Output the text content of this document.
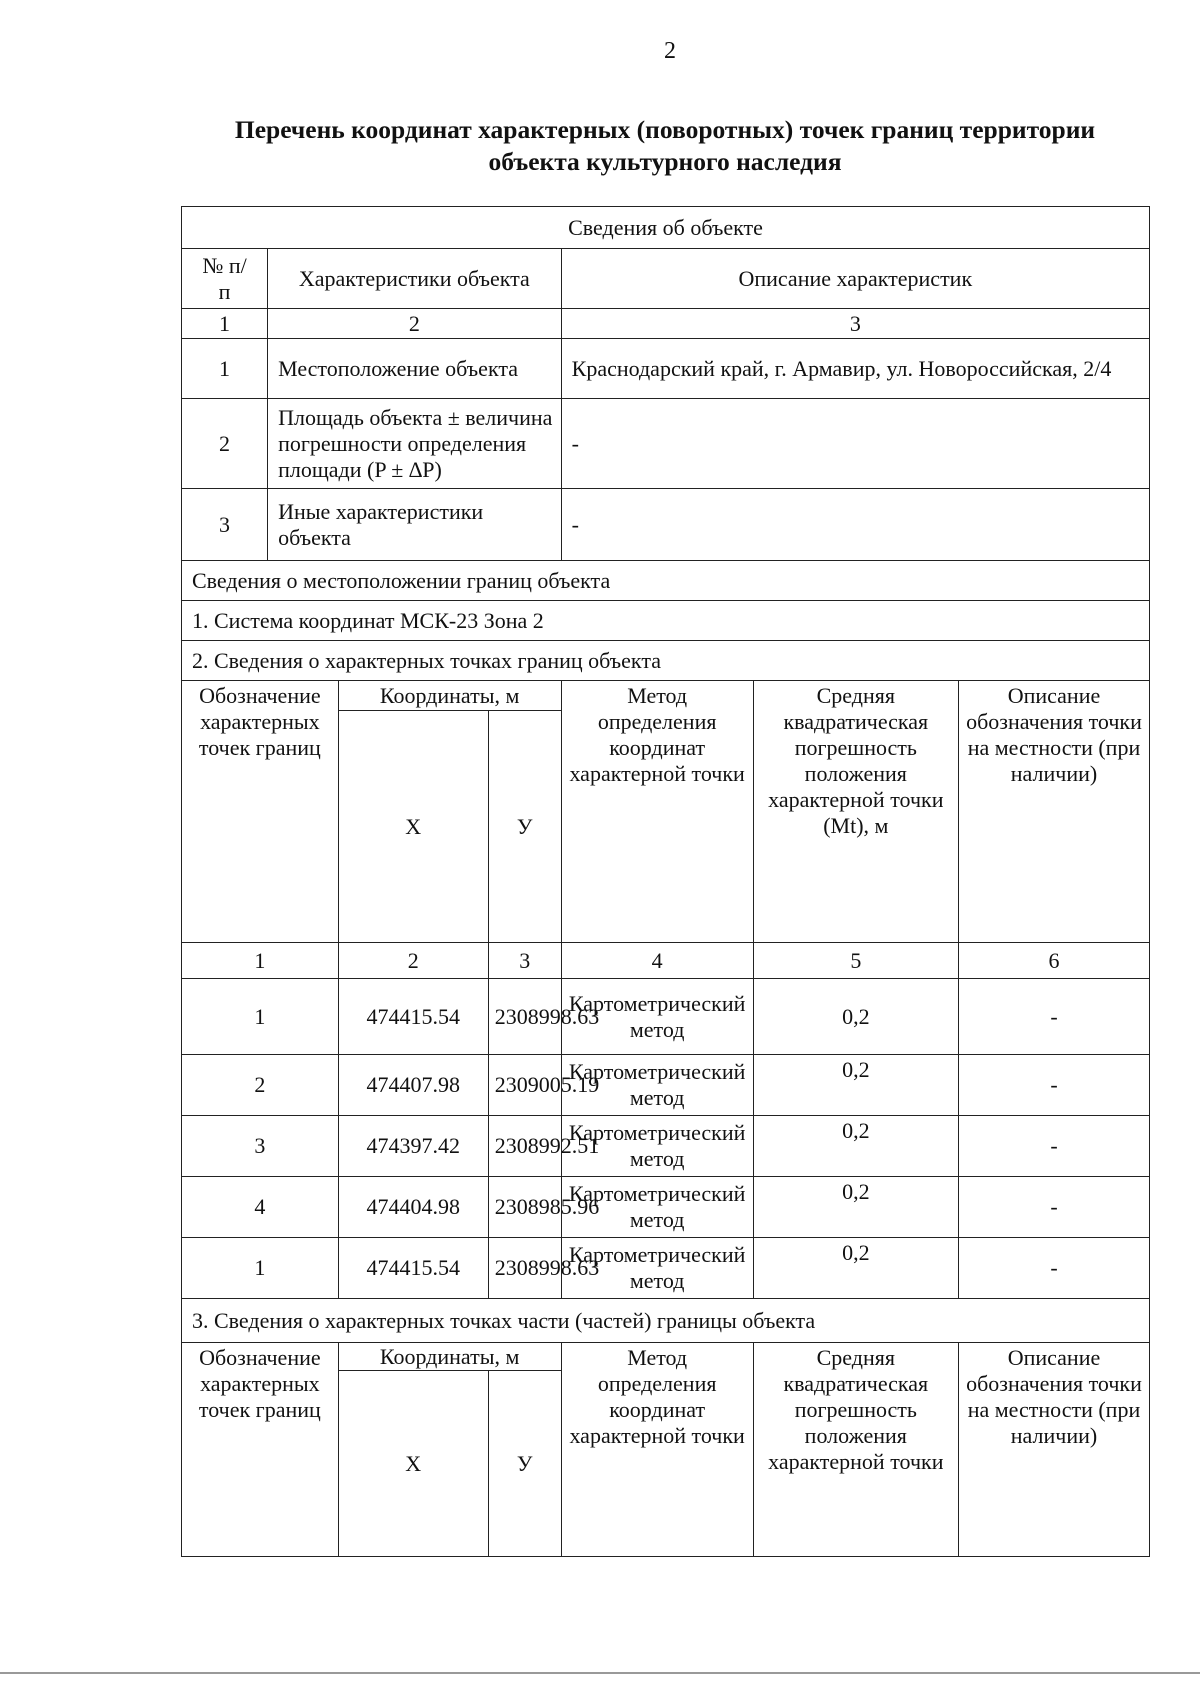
2
Перечень координат характерных (поворотных) точек границ территории
объекта культурного наследия
Сведения об объекте						
№ п/п	Характеристики объекта			Описание характеристик		
1	2			3		
1	Местоположение объекта			Краснодарский край, г. Армавир, ул. Новороссийская, 2/4		
2	Площадь объекта ± величина погрешности определения площади (P ± ∆P)			-		
3	Иные характеристики объекта			-		
Сведения о местоположении границ объекта						
1. Система координат МСК-23 Зона 2						
2. Сведения о характерных точках границ объекта						
Обозначение характерных точек границ		Координаты, м		Метод определения координат характерной точки	Средняя квадратическая погрешность положения характерной точки (Mt), м	Описание обозначения точки на местности (при наличии)
		X	У			
1		2	3	4	5	6
1		474415.54	2308998.63	Картометрический метод	0,2	-
2		474407.98	2309005.19	Картометрический метод	0,2	-
3		474397.42	2308992.51	Картометрический метод	0,2	-
4		474404.98	2308985.96	Картометрический метод	0,2	-
1		474415.54	2308998.63	Картометрический метод	0,2	-
3. Сведения о характерных точках части (частей) границы объекта						
Обозначение характерных точек границ		Координаты, м		Метод определения координат характерной точки	Средняя квадратическая погрешность положения характерной точки	Описание обозначения точки на местности (при наличии)
		X	У			
